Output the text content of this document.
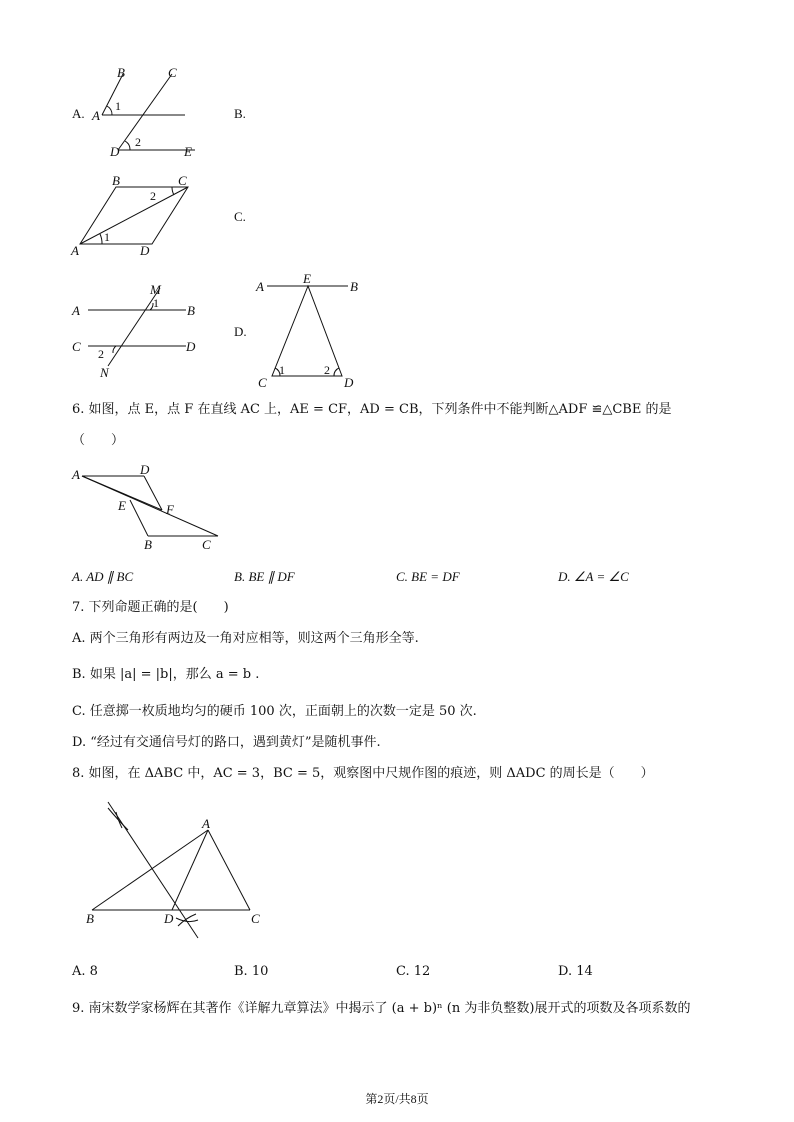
B	C
A
1
D
2
E
A.	B.
B	C
2
1
A	D
C.
M
1
A	B
C 2	D
N
D.
A
E
B
1	2
C	D
6. 如图，点 E，点 F 在直线 AC 上，AE = CF，AD = CB，下列条件中不能判断△ADF ≌△CBE 的是
（　　）
A	D
E	F
B	C
A. AD ∥ BC	B. BE ∥ DF	C. BE = DF	D. ∠A = ∠C
7. 下列命题正确的是(　　)
A. 两个三角形有两边及一角对应相等，则这两个三角形全等.
B. 如果 |a| = |b|，那么 a = b .
C. 任意掷一枚质地均匀的硬币 100 次，正面朝上的次数一定是 50 次.
D. “经过有交通信号灯的路口，遇到黄灯”是随机事件.
8. 如图，在 ΔABC 中，AC = 3，BC = 5，观察图中尺规作图的痕迹，则 ΔADC 的周长是（　　）
A
B	D	C
A. 8	B. 10	C. 12	D. 14
9. 南宋数学家杨辉在其著作《详解九章算法》中揭示了 (a + b)ⁿ (n 为非负整数)展开式的项数及各项系数的
第2页/共8页
